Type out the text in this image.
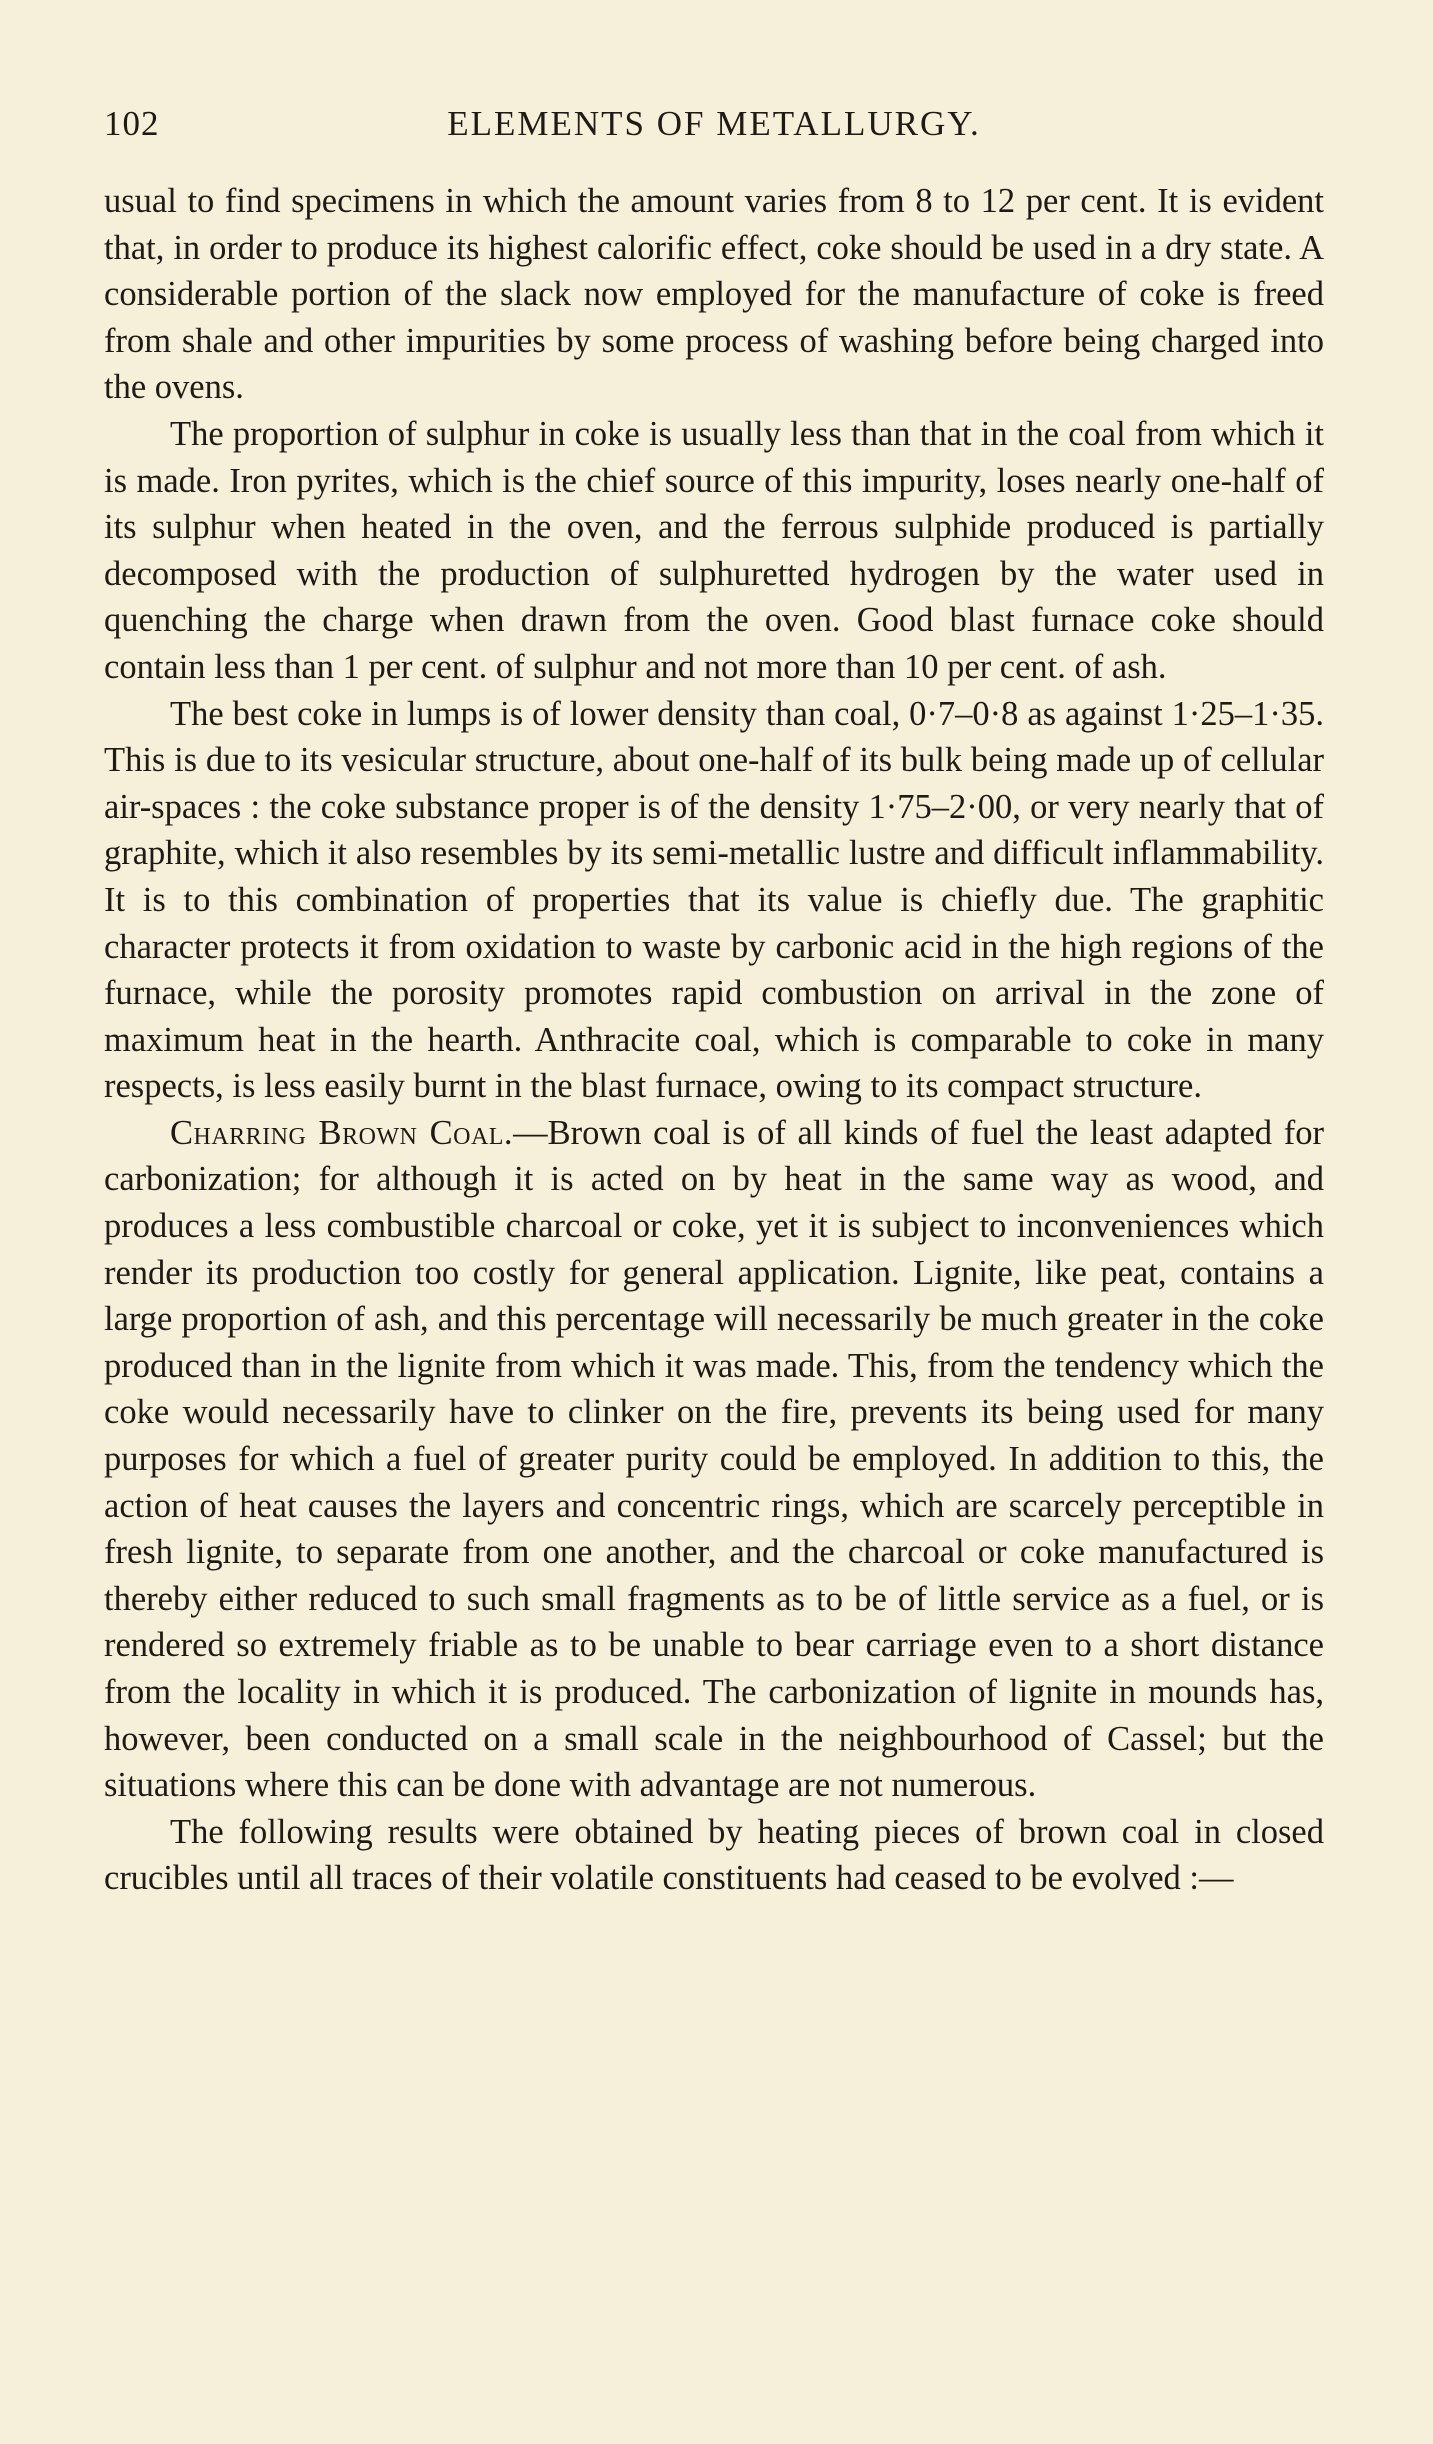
102	ELEMENTS OF METALLURGY.

usual to find specimens in which the amount varies from 8 to 12 per cent. It is evident that, in order to produce its highest calorific effect, coke should be used in a dry state. A considerable portion of the slack now employed for the manufacture of coke is freed from shale and other impurities by some process of washing before being charged into the ovens.

The proportion of sulphur in coke is usually less than that in the coal from which it is made. Iron pyrites, which is the chief source of this impurity, loses nearly one-half of its sulphur when heated in the oven, and the ferrous sulphide produced is partially decomposed with the production of sulphuretted hydrogen by the water used in quenching the charge when drawn from the oven. Good blast furnace coke should contain less than 1 per cent. of sulphur and not more than 10 per cent. of ash.

The best coke in lumps is of lower density than coal, 0·7–0·8 as against 1·25–1·35. This is due to its vesicular structure, about one-half of its bulk being made up of cellular air-spaces : the coke substance proper is of the density 1·75–2·00, or very nearly that of graphite, which it also resembles by its semi-metallic lustre and difficult inflammability. It is to this combination of properties that its value is chiefly due. The graphitic character protects it from oxidation to waste by carbonic acid in the high regions of the furnace, while the porosity promotes rapid combustion on arrival in the zone of maximum heat in the hearth. Anthracite coal, which is comparable to coke in many respects, is less easily burnt in the blast furnace, owing to its compact structure.

Charring Brown Coal.—Brown coal is of all kinds of fuel the least adapted for carbonization; for although it is acted on by heat in the same way as wood, and produces a less combustible charcoal or coke, yet it is subject to inconveniences which render its production too costly for general application. Lignite, like peat, contains a large proportion of ash, and this percentage will necessarily be much greater in the coke produced than in the lignite from which it was made. This, from the tendency which the coke would necessarily have to clinker on the fire, prevents its being used for many purposes for which a fuel of greater purity could be employed. In addition to this, the action of heat causes the layers and concentric rings, which are scarcely perceptible in fresh lignite, to separate from one another, and the charcoal or coke manufactured is thereby either reduced to such small fragments as to be of little service as a fuel, or is rendered so extremely friable as to be unable to bear carriage even to a short distance from the locality in which it is produced. The carbonization of lignite in mounds has, however, been conducted on a small scale in the neighbourhood of Cassel; but the situations where this can be done with advantage are not numerous.

The following results were obtained by heating pieces of brown coal in closed crucibles until all traces of their volatile constituents had ceased to be evolved :—
